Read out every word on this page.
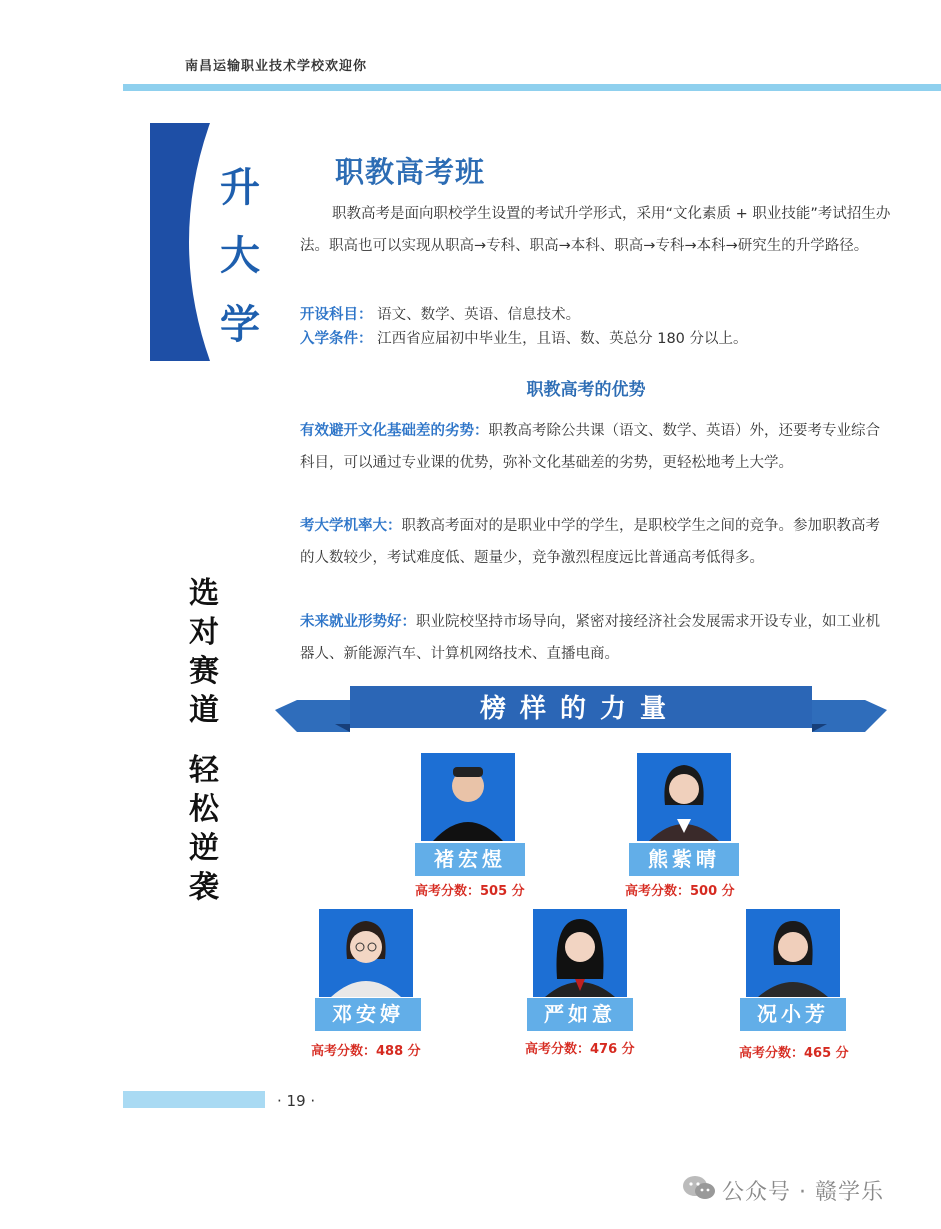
南昌运输职业技术学校欢迎你
升
大
学
职教高考班
职教高考是面向职校学生设置的考试升学形式，采用“文化素质 + 职业技能”考试招生办法。职高也可以实现从职高→专科、职高→本科、职高→专科→本科→研究生的升学路径。
开设科目： 语文、数学、英语、信息技术。
入学条件： 江西省应届初中毕业生，且语、数、英总分 180 分以上。
职教高考的优势
有效避开文化基础差的劣势：职教高考除公共课（语文、数学、英语）外，还要考专业综合科目，可以通过专业课的优势，弥补文化基础差的劣势，更轻松地考上大学。
考大学机率大：职教高考面对的是职业中学的学生，是职校学生之间的竞争。参加职教高考的人数较少，考试难度低、题量少，竞争激烈程度远比普通高考低得多。
未来就业形势好：职业院校坚持市场导向，紧密对接经济社会发展需求开设专业，如工业机器人、新能源汽车、计算机网络技术、直播电商。
选
对
赛
道
轻
松
逆
袭
榜样的力量
褚宏煜
高考分数：505 分
熊紫晴
高考分数：500 分
邓安婷
高考分数：488 分
严如意
高考分数：476 分
况小芳
高考分数：465 分
· 19 ·
公众号 · 赣学乐
